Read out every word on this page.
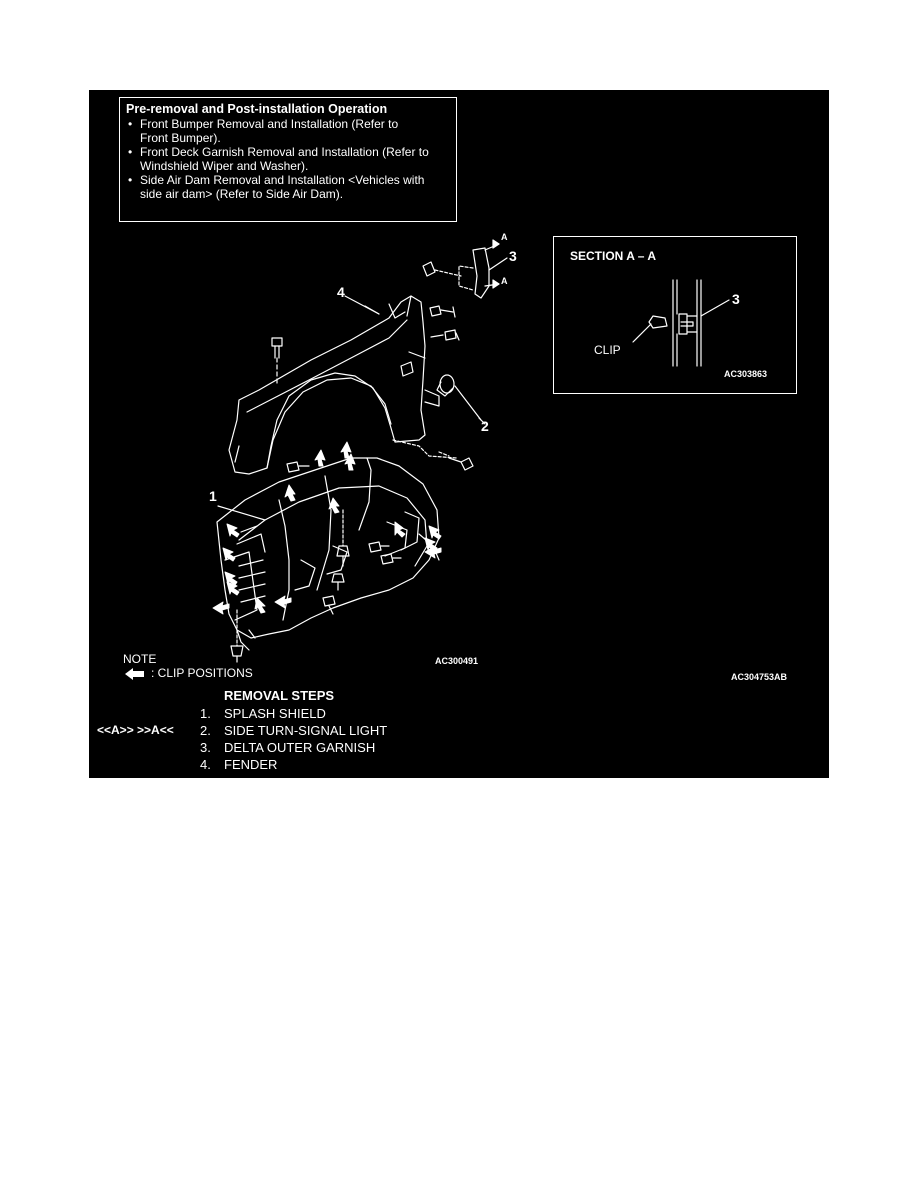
Pre-removal and Post-installation Operation
• Front Bumper Removal and Installation (Refer to
Front Bumper).
• Front Deck Garnish Removal and Installation (Refer to
Windshield Wiper and Washer).
• Side Air Dam Removal and Installation <Vehicles with
side air dam> (Refer to Side Air Dam).
SECTION A – A
3
CLIP
AC303863
1
2
3
4
A
A
AC300491
NOTE
: CLIP POSITIONS	AC304753AB
REMOVAL STEPS
<<A>> >>A<<
1. SPLASH SHIELD
2. SIDE TURN-SIGNAL LIGHT
3. DELTA OUTER GARNISH
4. FENDER
